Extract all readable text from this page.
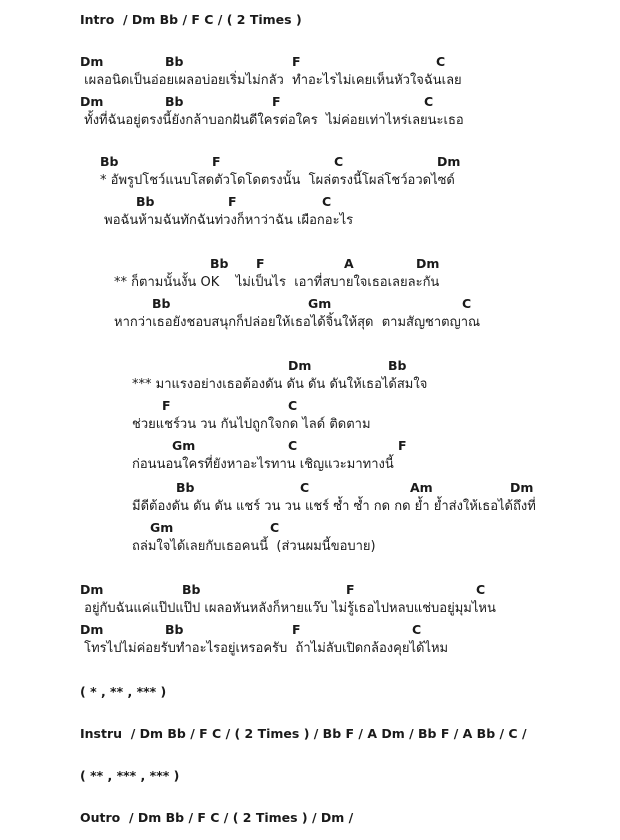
Intro  / Dm Bb / F C / ( 2 Times )
Dm	Bb	F	C
เผลอนิดเป็นอ่อยเผลอบ่อยเริ่มไม่กลัว  ทำอะไรไม่เคยเห็นหัวใจฉันเลย
Dm	Bb	F	C
ทั้งที่ฉันอยู่ตรงนี้ยังกล้าบอกฝันดีใครต่อใคร  ไม่ค่อยเท่าไหร่เลยนะเธอ
Bb	F	C	Dm
* อัพรูปโชว์แนบโสดตัวโดโดตรงนั้น  โผล่ตรงนี้โผล่โชว์อวดไซด์
Bb	F	C
พอฉันห้ามฉันทักฉันท่วงก็หาว่าฉัน เผือกอะไร
Bb F	A	Dm
** ก็ตามนั้นงั้น OK    ไม่เป็นไร  เอาที่สบายใจเธอเลยละกัน
Bb	Gm	C
หากว่าเธอยังชอบสนุกก็ปล่อยให้เธอได้จิ้นให้สุด  ตามสัญชาตญาณ
Dm	Bb
*** มาแรงอย่างเธอต้องดัน ดัน ดัน ดันให้เธอได้สมใจ
F	C
ช่วยแชร์วน วน กันไปถูกใจกด ไลด์ ติดตาม
Gm	C	F
ก่อนนอนใครที่ยังหาอะไรทาน เชิญแวะมาทางนี้
Bb	C	Am	Dm
มีดีต้องดัน ดัน ดัน แชร์ วน วน แชร์ ซ้ำ ซ้ำ กด กด ย้ำ ย้ำส่งให้เธอได้ถึงที่
Gm	C
ถล่มใจได้เลยกับเธอคนนี้  (ส่วนผมนี้ขอบาย)
Dm	Bb	F	C
อยู่กับฉันแค่แป๊ปแป๊ป เผลอหันหลังก็หายแว๊บ ไม่รู้เธอไปหลบแช่บอยู่มุมไหน
Dm	Bb	F	C
โทรไปไม่ค่อยรับทำอะไรอยู่เหรอครับ  ถ้าไม่ลับเปิดกล้องคุยได้ไหม
( * , ** , *** )
Instru  / Dm Bb / F C / ( 2 Times ) / Bb F / A Dm / Bb F / A Bb / C /
( ** , *** , *** )
Outro  / Dm Bb / F C / ( 2 Times ) / Dm /
